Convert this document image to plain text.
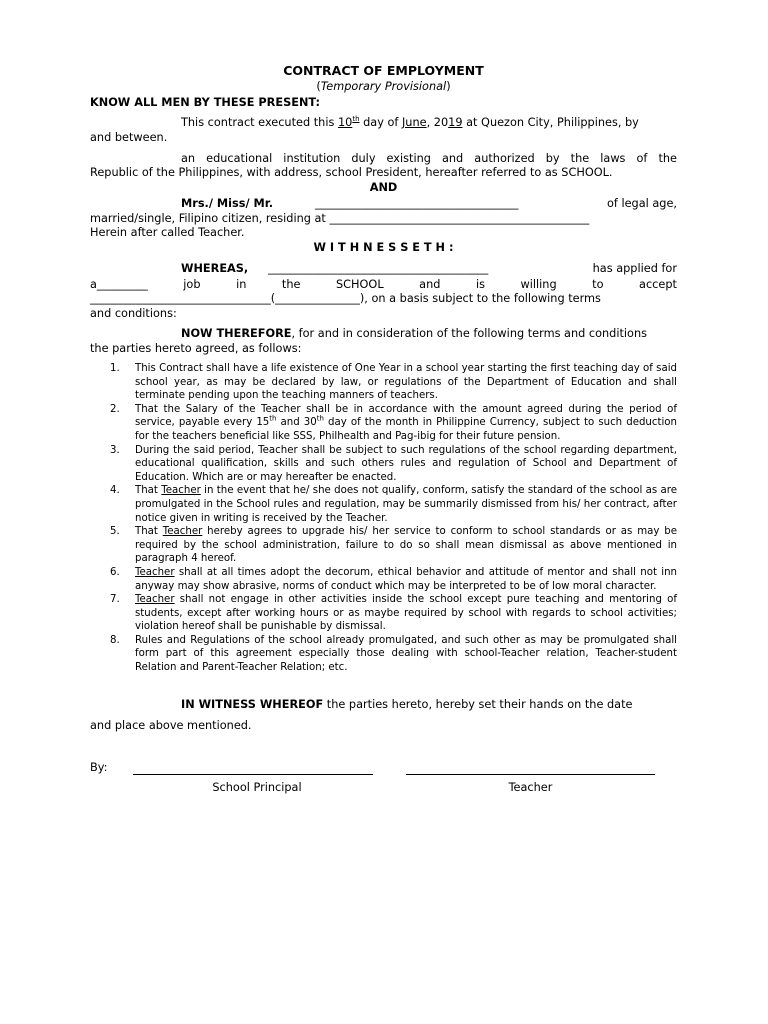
CONTRACT OF EMPLOYMENT
(Temporary Provisional)
KNOW ALL MEN BY THESE PRESENT:
This contract executed this 10th day of June, 2019 at Quezon City, Philippines, by
and between.
an educational institution duly existing and authorized by the laws of the
Republic of the Philippines, with address, school President, hereafter referred to as SCHOOL.
AND
Mrs./ Miss/ Mr.	____________________________________	of legal age,
married/single, Filipino citizen, residing at ______________________________________________
Herein after called Teacher.
W I T H N E S S E T H :
WHEREAS, _______________________________________	has applied for
a_________	job	in	the	SCHOOL	and	is	willing	to	accept
________________________________(_______________), on a basis subject to the following terms
and conditions:
NOW THEREFORE, for and in consideration of the following terms and conditions
the parties hereto agreed, as follows:
1. This Contract shall have a life existence of One Year in a school year starting the first teaching day of said school year, as may be declared by law, or regulations of the Department of Education and shall terminate pending upon the teaching manners of teachers.
2. That the Salary of the Teacher shall be in accordance with the amount agreed during the period of service, payable every 15th and 30th day of the month in Philippine Currency, subject to such deduction for the teachers beneficial like SSS, Philhealth and Pag-ibig for their future pension.
3. During the said period, Teacher shall be subject to such regulations of the school regarding department, educational qualification, skills and such others rules and regulation of School and Department of Education. Which are or may hereafter be enacted.
4. That Teacher in the event that he/ she does not qualify, conform, satisfy the standard of the school as are promulgated in the School rules and regulation, may be summarily dismissed from his/ her contract, after notice given in writing is received by the Teacher.
5. That Teacher hereby agrees to upgrade his/ her service to conform to school standards or as may be required by the school administration, failure to do so shall mean dismissal as above mentioned in paragraph 4 hereof.
6. Teacher shall at all times adopt the decorum, ethical behavior and attitude of mentor and shall not inn anyway may show abrasive, norms of conduct which may be interpreted to be of low moral character.
7. Teacher shall not engage in other activities inside the school except pure teaching and mentoring of students, except after working hours or as maybe required by school with regards to school activities; violation hereof shall be punishable by dismissal.
8. Rules and Regulations of the school already promulgated, and such other as may be promulgated shall form part of this agreement especially those dealing with school-Teacher relation, Teacher-student Relation and Parent-Teacher Relation; etc.
IN WITNESS WHEREOF the parties hereto, hereby set their hands on the date
and place above mentioned.
By:
School Principal	Teacher
